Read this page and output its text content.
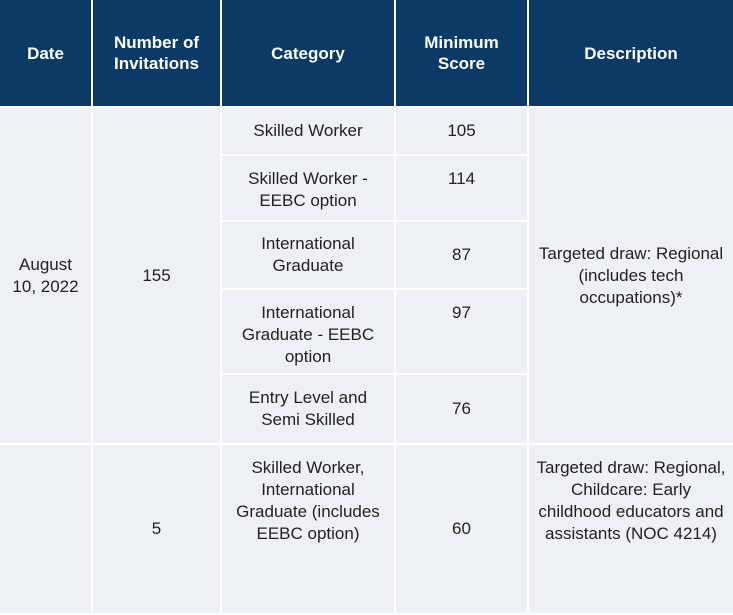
Date	Number of Invitations	Category	Minimum Score	Description
August 10, 2022	155	Skilled Worker	105	Targeted draw: Regional (includes tech occupations)*
		Skilled Worker - EEBC option	114	
		International Graduate	87	
		International Graduate - EEBC option	97	
		Entry Level and Semi Skilled	76	
	5	Skilled Worker, International Graduate (includes EEBC option)	60	Targeted draw: Regional, Childcare: Early childhood educators and assistants (NOC 4214)
